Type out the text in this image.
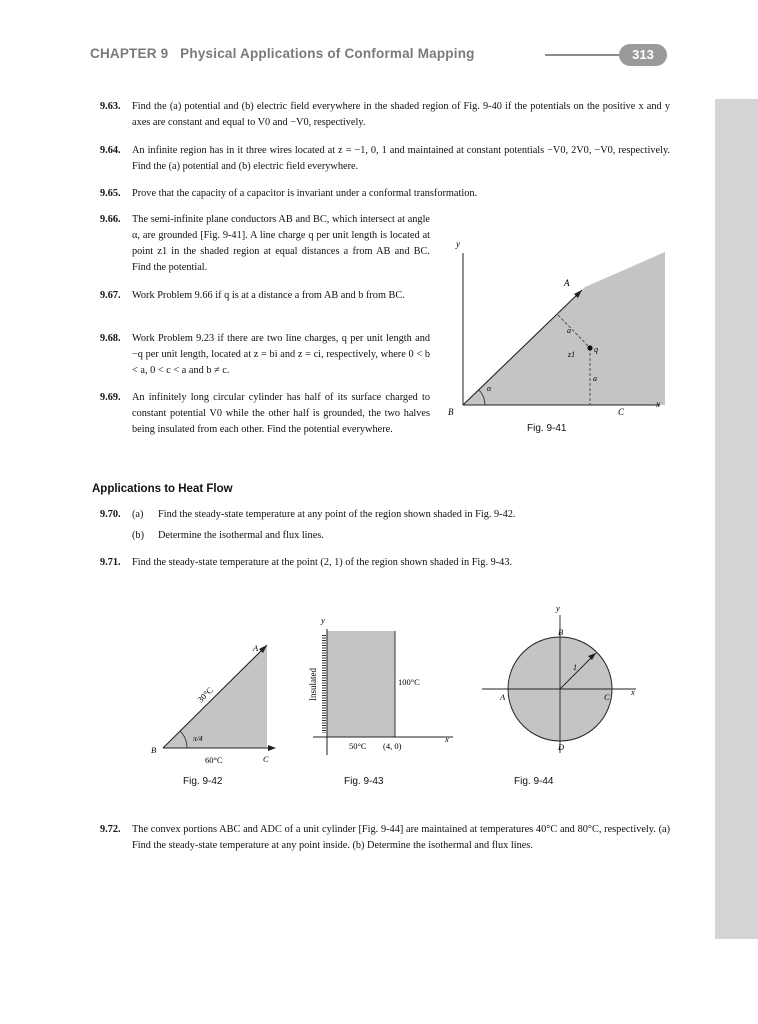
CHAPTER 9 Physical Applications of Conformal Mapping	313
9.63. Find the (a) potential and (b) electric field everywhere in the shaded region of Fig. 9-40 if the potentials on the positive x and y axes are constant and equal to V0 and −V0, respectively.
9.64. An infinite region has in it three wires located at z = −1, 0, 1 and maintained at constant potentials −V0, 2V0, −V0, respectively. Find the (a) potential and (b) electric field everywhere.
9.65. Prove that the capacity of a capacitor is invariant under a conformal transformation.
9.66. The semi-infinite plane conductors AB and BC, which intersect at angle α, are grounded [Fig. 9-41]. A line charge q per unit length is located at point z1 in the shaded region at equal distances a from AB and BC. Find the potential.
9.67. Work Problem 9.66 if q is at a distance a from AB and b from BC.
9.68. Work Problem 9.23 if there are two line charges, q per unit length and −q per unit length, located at z = bi and z = ci, respectively, where 0 < b < a, 0 < c < a and b ≠ c.
9.69. An infinitely long circular cylinder has half of its surface charged to constant potential V0 while the other half is grounded, the two halves being insulated from each other. Find the potential everywhere.
y
x
A
B	C
α
a
a
z1
q
Fig. 9-41
Applications to Heat Flow
9.70. (a) Find the steady-state temperature at any point of the region shown shaded in Fig. 9-42.
(b) Determine the isothermal and flux lines.
9.71. Find the steady-state temperature at the point (2, 1) of the region shown shaded in Fig. 9-43.
A
B
C
60°C
30°C
π/4
Fig. 9-42
y
x
100°C
50°C (4, 0)
Insulated
Fig. 9-43
y
x
A
B
C
D
1
Fig. 9-44
9.72. The convex portions ABC and ADC of a unit cylinder [Fig. 9-44] are maintained at temperatures 40°C and 80°C, respectively. (a) Find the steady-state temperature at any point inside. (b) Determine the isothermal and flux lines.
